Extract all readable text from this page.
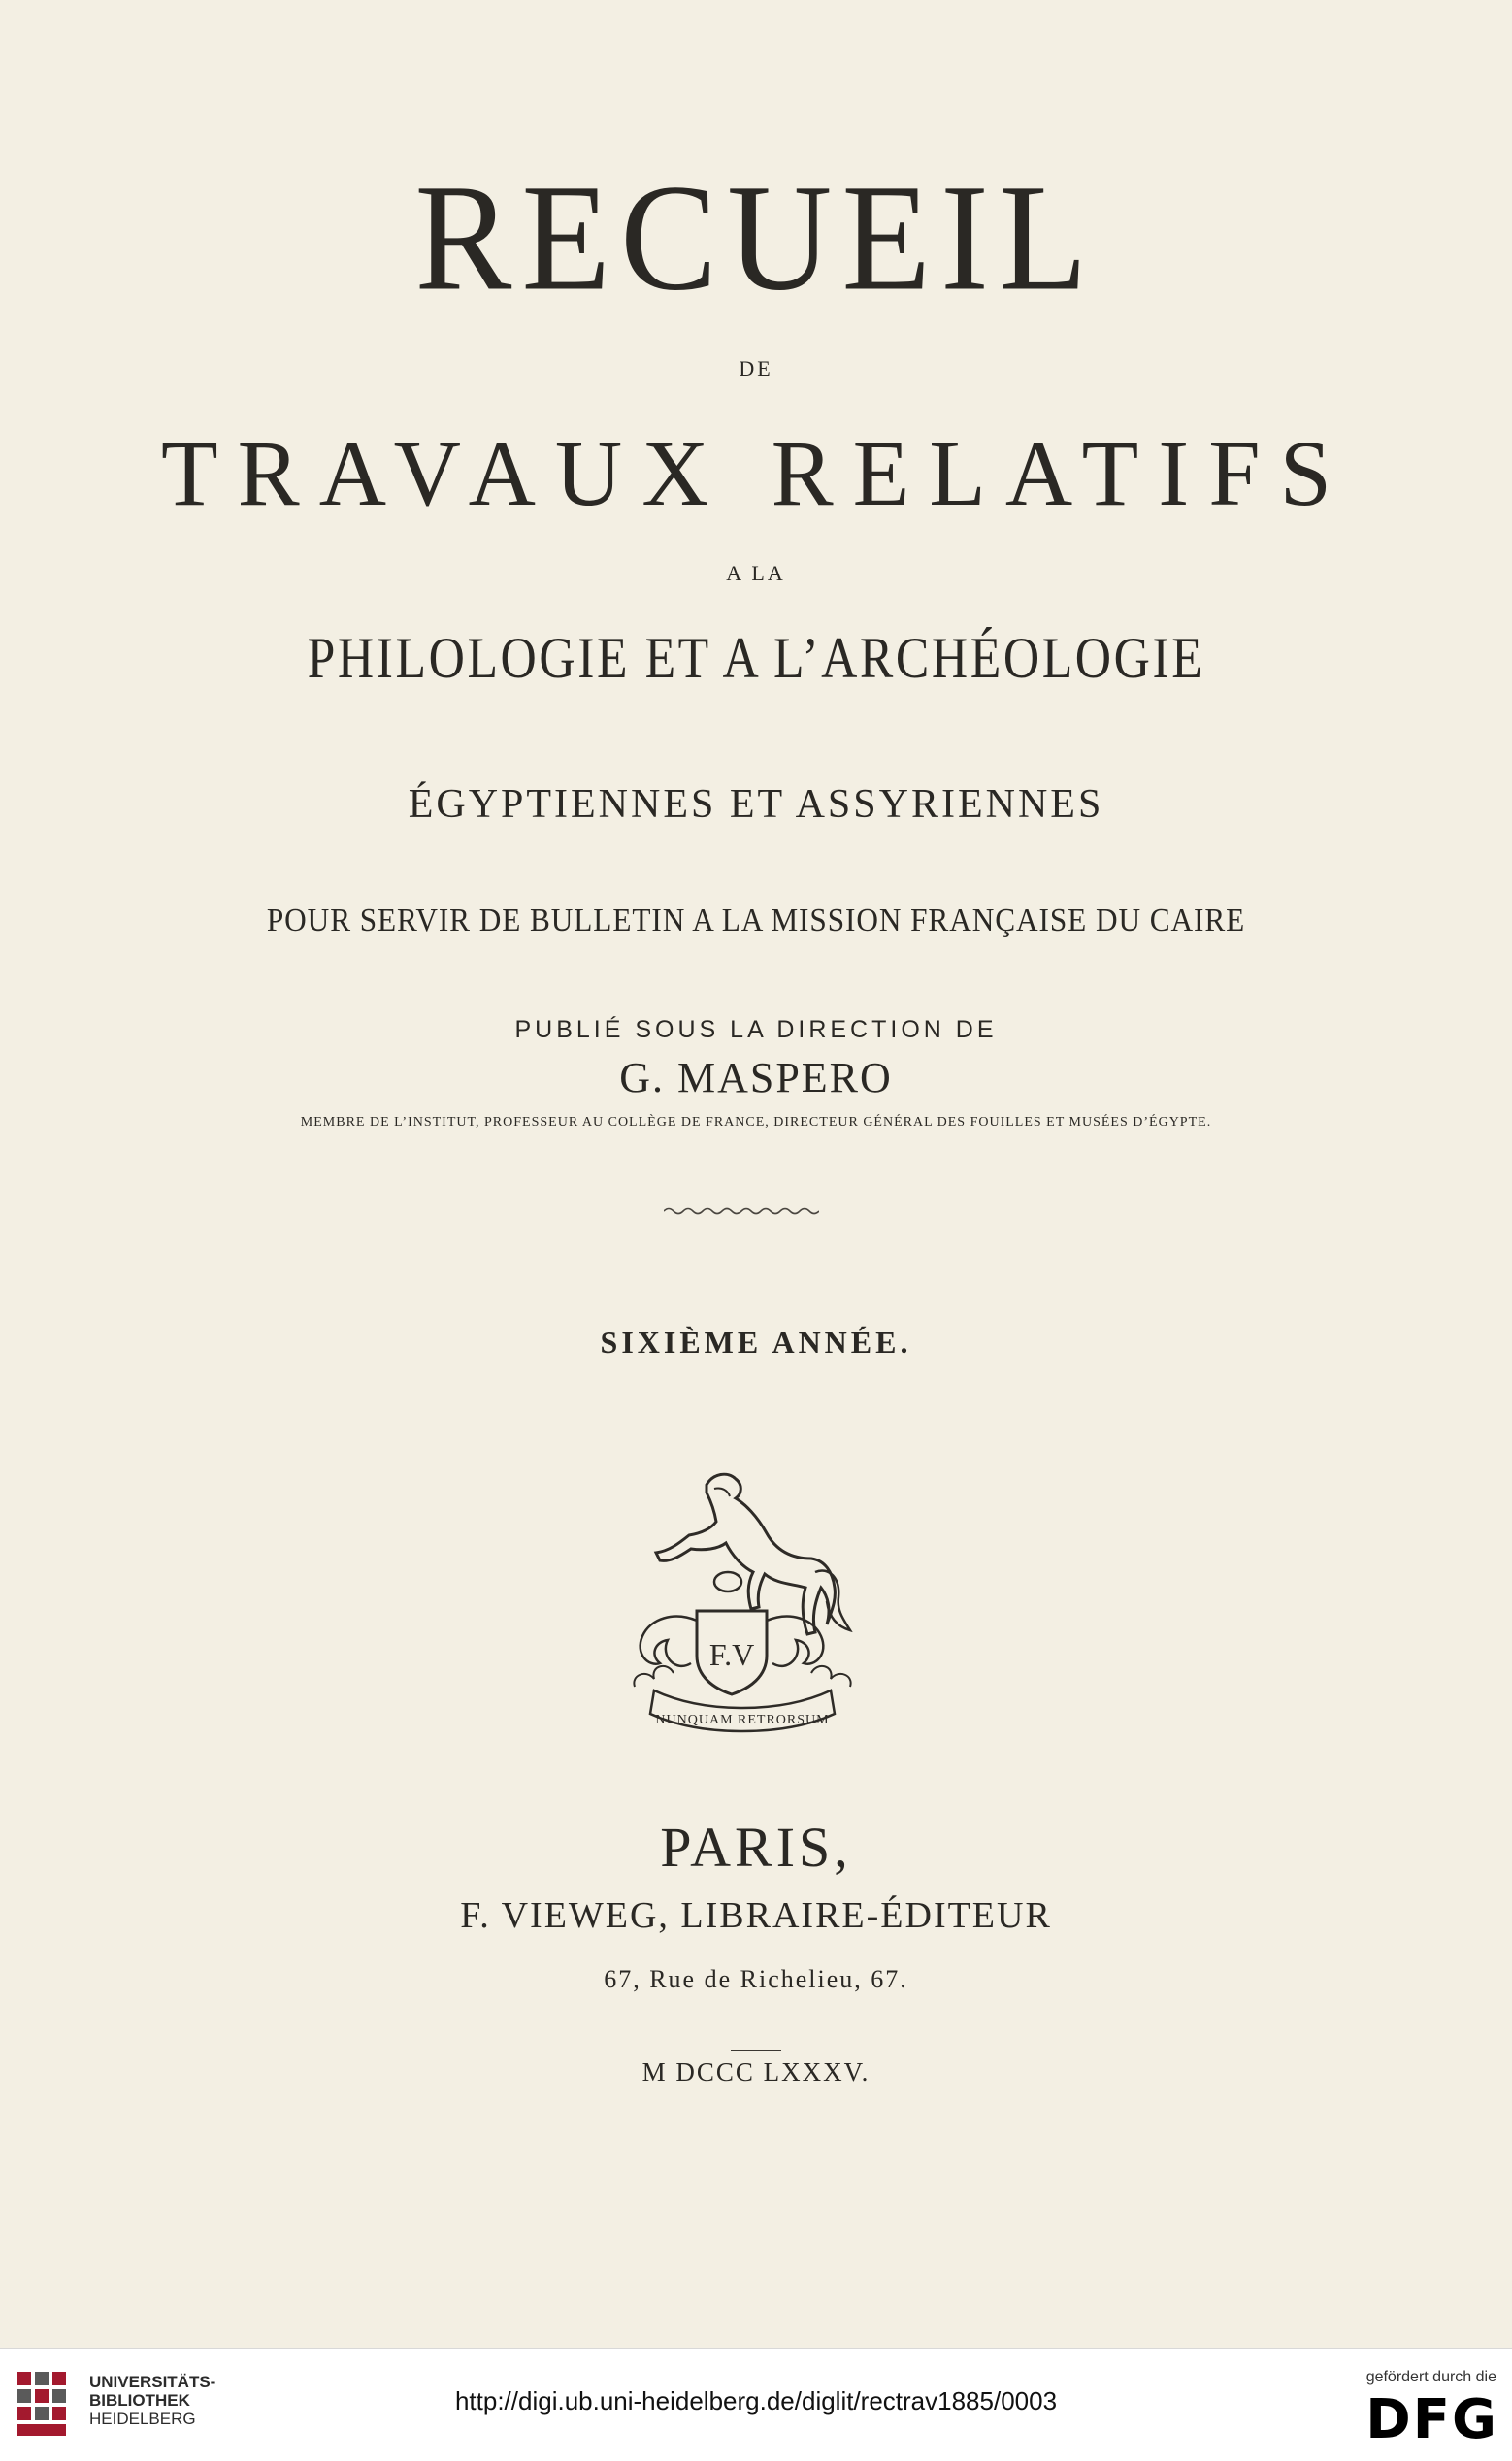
RECUEIL
DE
TRAVAUX RELATIFS
A LA
PHILOLOGIE ET A L’ARCHÉOLOGIE
ÉGYPTIENNES ET ASSYRIENNES
POUR SERVIR DE BULLETIN A LA MISSION FRANÇAISE DU CAIRE
PUBLIÉ SOUS LA DIRECTION DE
G. MASPERO
MEMBRE DE L’INSTITUT, PROFESSEUR AU COLLÈGE DE FRANCE, DIRECTEUR GÉNÉRAL DES FOUILLES ET MUSÉES D’ÉGYPTE.
SIXIÈME ANNÉE.
F.V
NUNQUAM RETRORSUM
PARIS,
F. VIEWEG, LIBRAIRE-ÉDITEUR
67, Rue de Richelieu, 67.
M DCCC LXXXV.
UNIVERSITÄTS-
BIBLIOTHEK
HEIDELBERG
http://digi.ub.uni-heidelberg.de/diglit/rectrav1885/0003
gefördert durch die
DFG
